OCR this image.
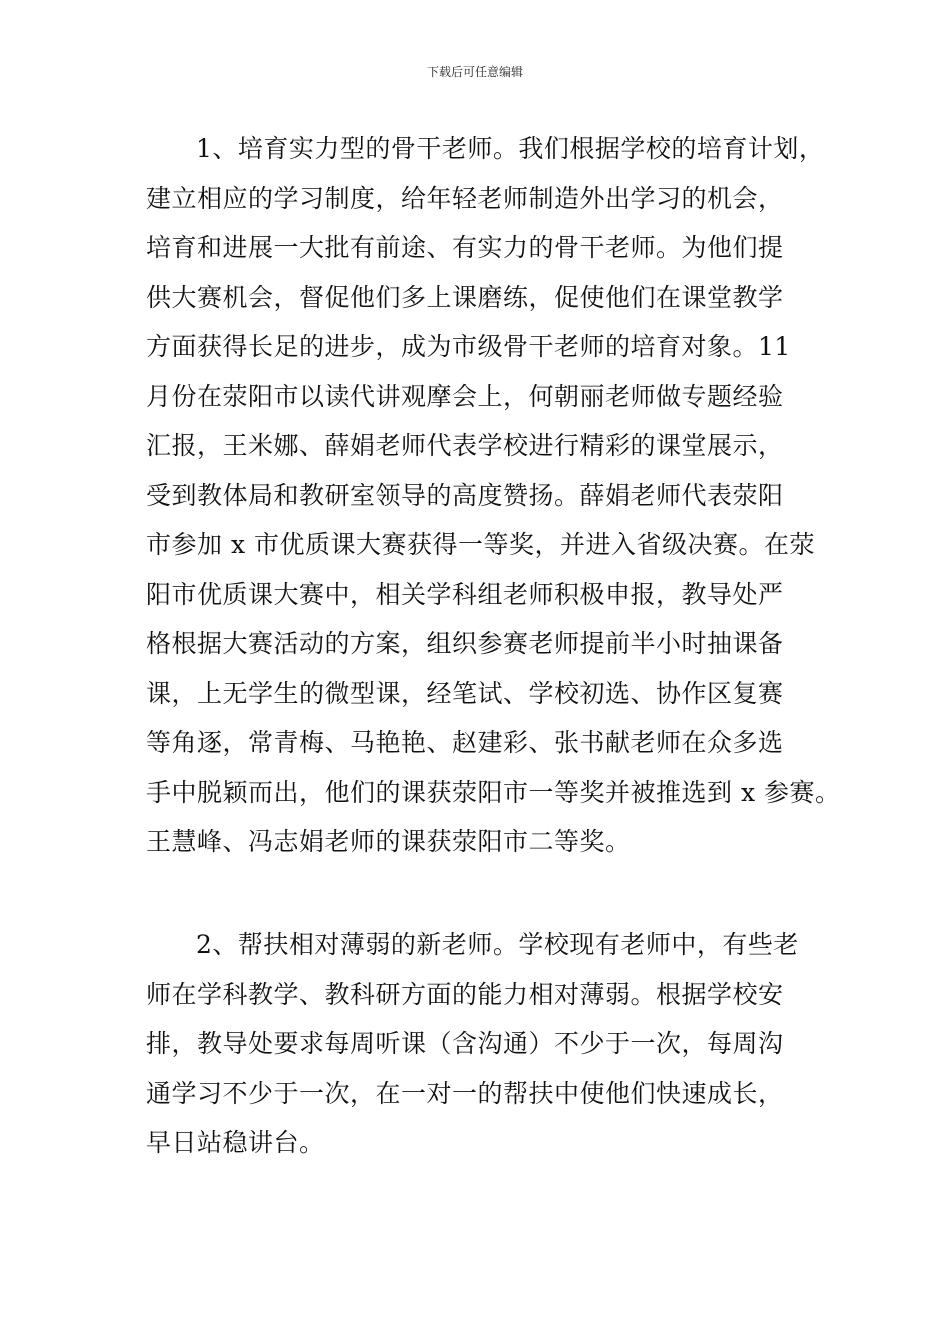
下载后可任意编辑
1、培育实力型的骨干老师。我们根据学校的培育计划，
建立相应的学习制度，给年轻老师制造外出学习的机会，
培育和进展一大批有前途、有实力的骨干老师。为他们提
供大赛机会，督促他们多上课磨练，促使他们在课堂教学
方面获得长足的进步，成为市级骨干老师的培育对象。11
月份在荥阳市以读代讲观摩会上，何朝丽老师做专题经验
汇报，王米娜、薛娟老师代表学校进行精彩的课堂展示，
受到教体局和教研室领导的高度赞扬。薛娟老师代表荥阳
市参加 x 市优质课大赛获得一等奖，并进入省级决赛。在荥
阳市优质课大赛中，相关学科组老师积极申报，教导处严
格根据大赛活动的方案，组织参赛老师提前半小时抽课备
课，上无学生的微型课，经笔试、学校初选、协作区复赛
等角逐，常青梅、马艳艳、赵建彩、张书献老师在众多选
手中脱颖而出，他们的课获荥阳市一等奖并被推选到 x 参赛。
王慧峰、冯志娟老师的课获荥阳市二等奖。
2、帮扶相对薄弱的新老师。学校现有老师中，有些老
师在学科教学、教科研方面的能力相对薄弱。根据学校安
排，教导处要求每周听课（含沟通）不少于一次，每周沟
通学习不少于一次，在一对一的帮扶中使他们快速成长，
早日站稳讲台。
